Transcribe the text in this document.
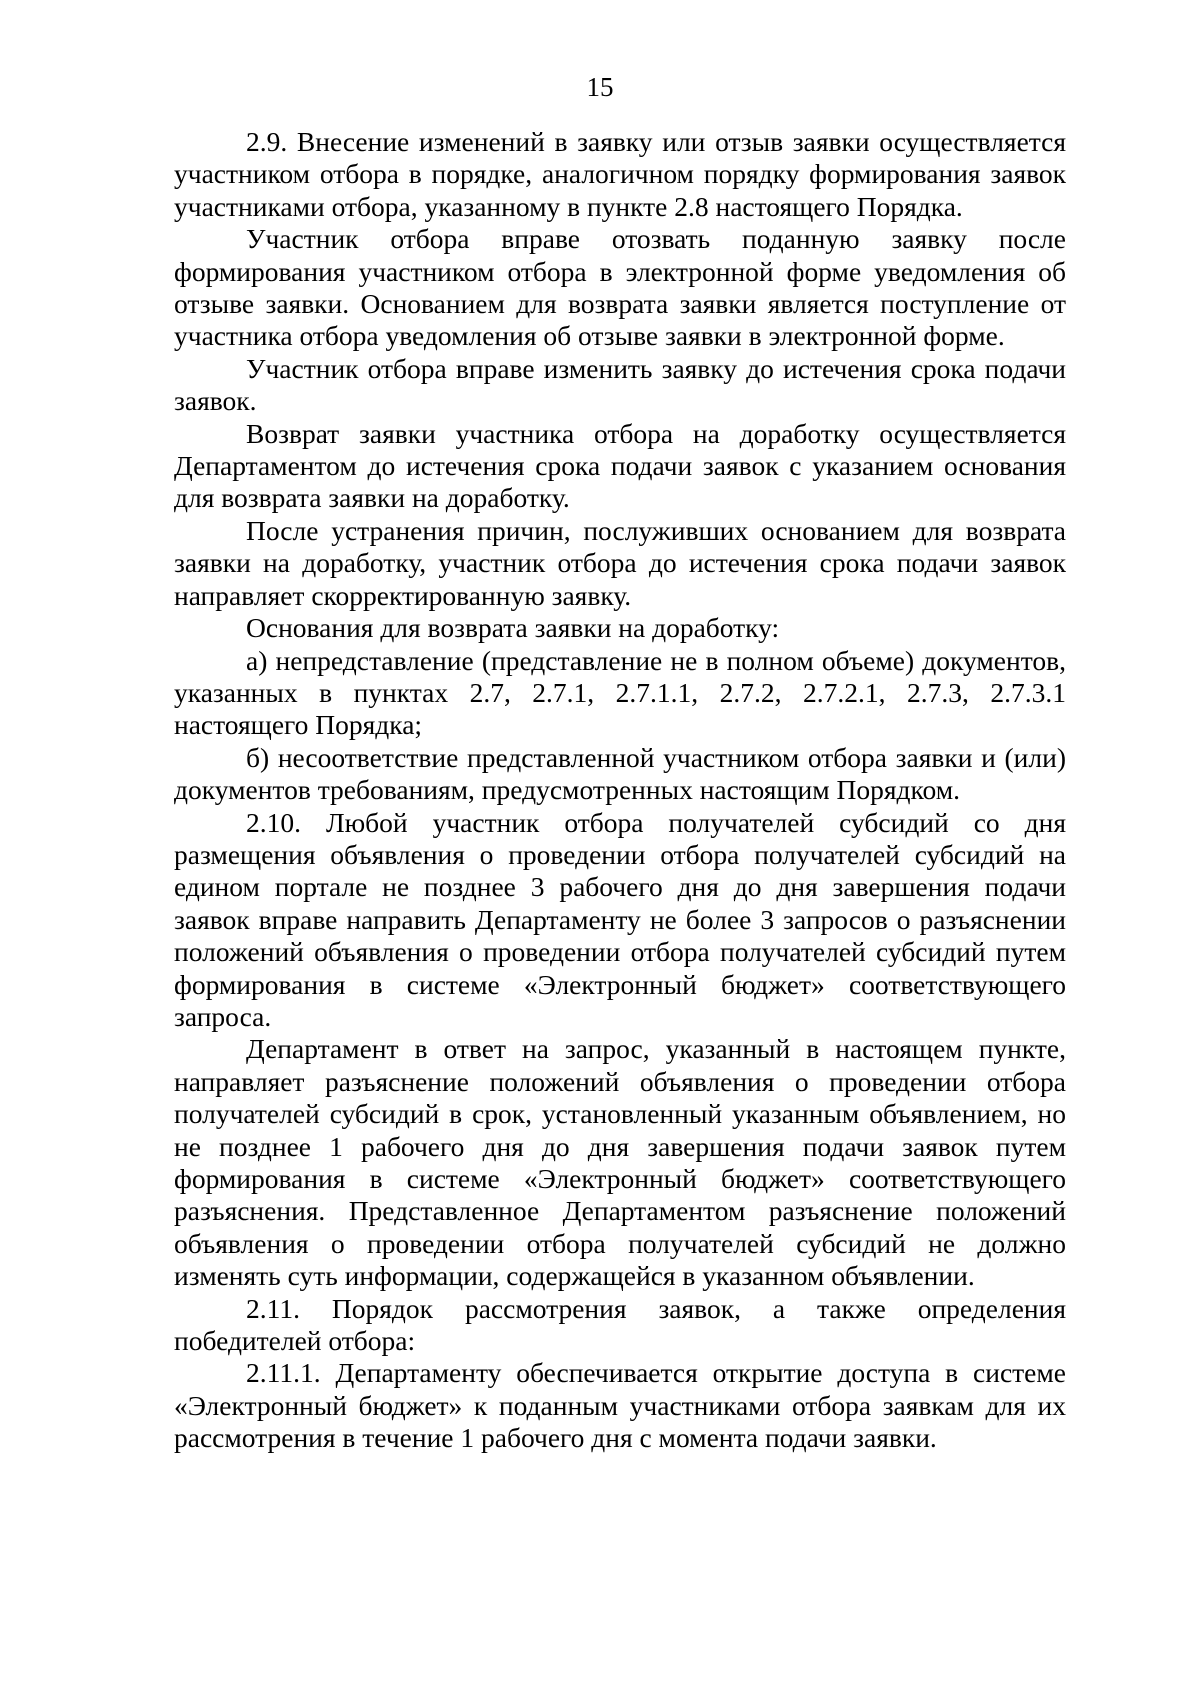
15

2.9. Внесение изменений в заявку или отзыв заявки осуществляется участником отбора в порядке, аналогичном порядку формирования заявок участниками отбора, указанному в пункте 2.8 настоящего Порядка.

Участник отбора вправе отозвать поданную заявку после формирования участником отбора в электронной форме уведомления об отзыве заявки. Основанием для возврата заявки является поступление от участника отбора уведомления об отзыве заявки в электронной форме.

Участник отбора вправе изменить заявку до истечения срока подачи заявок.

Возврат заявки участника отбора на доработку осуществляется Департаментом до истечения срока подачи заявок с указанием основания для возврата заявки на доработку.

После устранения причин, послуживших основанием для возврата заявки на доработку, участник отбора до истечения срока подачи заявок направляет скорректированную заявку.

Основания для возврата заявки на доработку:

а) непредставление (представление не в полном объеме) документов, указанных в пунктах 2.7, 2.7.1, 2.7.1.1, 2.7.2, 2.7.2.1, 2.7.3, 2.7.3.1 настоящего Порядка;

б) несоответствие представленной участником отбора заявки и (или) документов требованиям, предусмотренных настоящим Порядком.

2.10. Любой участник отбора получателей субсидий со дня размещения объявления о проведении отбора получателей субсидий на едином портале не позднее 3 рабочего дня до дня завершения подачи заявок вправе направить Департаменту не более 3 запросов о разъяснении положений объявления о проведении отбора получателей субсидий путем формирования в системе «Электронный бюджет» соответствующего запроса.

Департамент в ответ на запрос, указанный в настоящем пункте, направляет разъяснение положений объявления о проведении отбора получателей субсидий в срок, установленный указанным объявлением, но не позднее 1 рабочего дня до дня завершения подачи заявок путем формирования в системе «Электронный бюджет» соответствующего разъяснения. Представленное Департаментом разъяснение положений объявления о проведении отбора получателей субсидий не должно изменять суть информации, содержащейся в указанном объявлении.

2.11. Порядок рассмотрения заявок, а также определения победителей отбора:

2.11.1. Департаменту обеспечивается открытие доступа в системе «Электронный бюджет» к поданным участниками отбора заявкам для их рассмотрения в течение 1 рабочего дня с момента подачи заявки.
